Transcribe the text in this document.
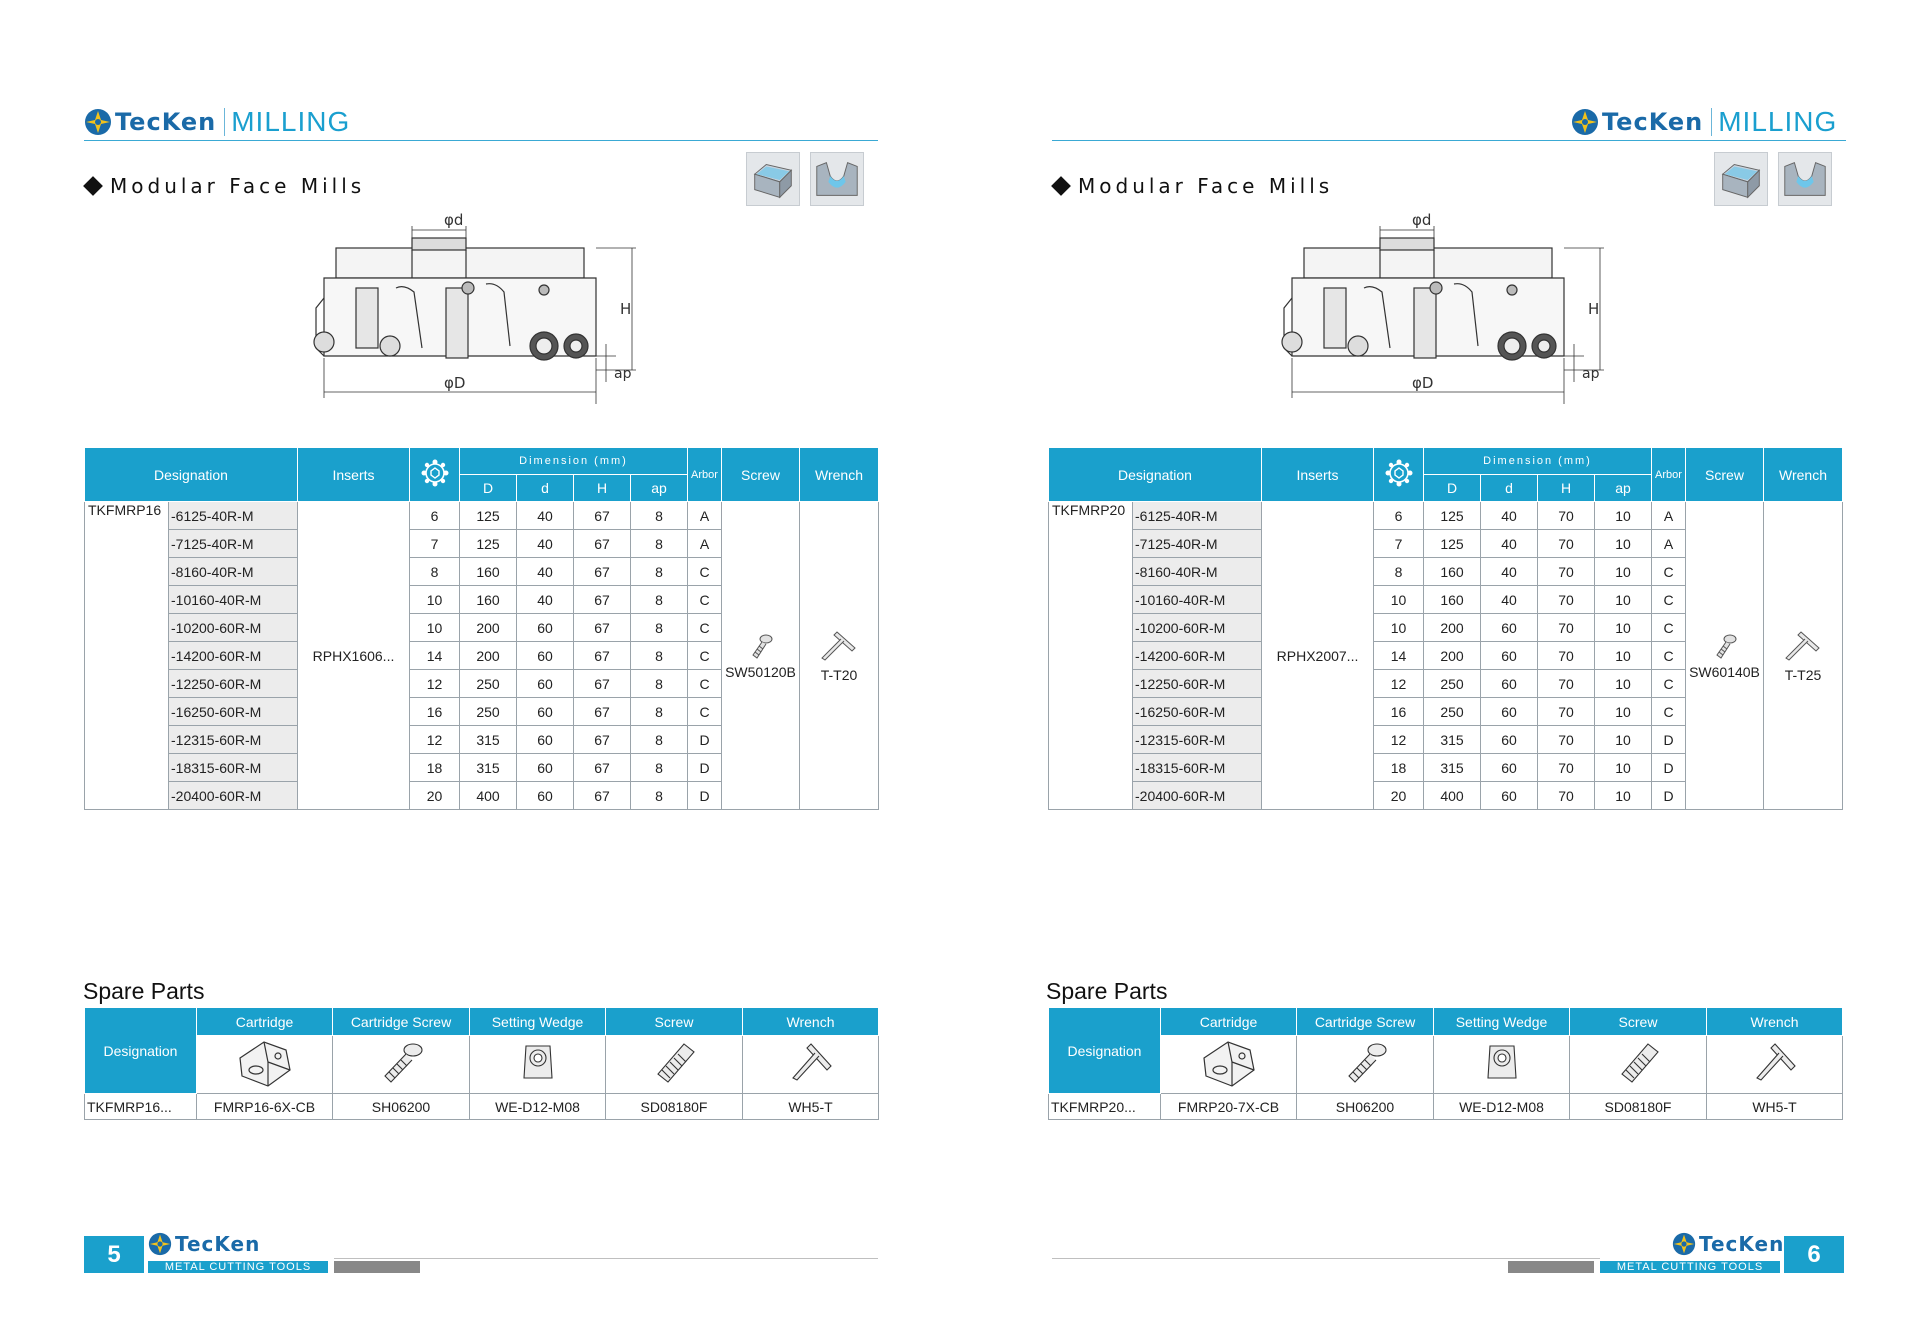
TecKen MILLING
Modular Face Mills
φd
H
ap
φD
Designation		Inserts		Dimension (mm)				Arbor	Screw	Wrench
				D	d	H	ap			
TKFMRP16	-6125-40R-M	RPHX1606...	6	125	40	67	8	A	SW50120B	T-T20
	-7125-40R-M		7	125	40	67	8	A		
	-8160-40R-M		8	160	40	67	8	C		
	-10160-40R-M		10	160	40	67	8	C		
	-10200-60R-M		10	200	60	67	8	C		
	-14200-60R-M		14	200	60	67	8	C		
	-12250-60R-M		12	250	60	67	8	C		
	-16250-60R-M		16	250	60	67	8	C		
	-12315-60R-M		12	315	60	67	8	D		
	-18315-60R-M		18	315	60	67	8	D		
	-20400-60R-M		20	400	60	67	8	D		
Spare Parts
Designation	Cartridge	Cartridge Screw	Setting Wedge	Screw	Wrench

TKFMRP16...	FMRP16-6X-CB	SH06200	WE-D12-M08	SD08180F	WH5-T
5	TecKen
METAL CUTTING TOOLS
TecKen MILLING
Modular Face Mills
φd
H
ap
φD
Designation		Inserts		Dimension (mm)				Arbor	Screw	Wrench
				D	d	H	ap			
TKFMRP20	-6125-40R-M	RPHX2007...	6	125	40	70	10	A	SW60140B	T-T25
	-7125-40R-M		7	125	40	70	10	A		
	-8160-40R-M		8	160	40	70	10	C		
	-10160-40R-M		10	160	40	70	10	C		
	-10200-60R-M		10	200	60	70	10	C		
	-14200-60R-M		14	200	60	70	10	C		
	-12250-60R-M		12	250	60	70	10	C		
	-16250-60R-M		16	250	60	70	10	C		
	-12315-60R-M		12	315	60	70	10	D		
	-18315-60R-M		18	315	60	70	10	D		
	-20400-60R-M		20	400	60	70	10	D		
Spare Parts
Designation	Cartridge	Cartridge Screw	Setting Wedge	Screw	Wrench

TKFMRP20...	FMRP20-7X-CB	SH06200	WE-D12-M08	SD08180F	WH5-T
TecKen
METAL CUTTING TOOLS	6
